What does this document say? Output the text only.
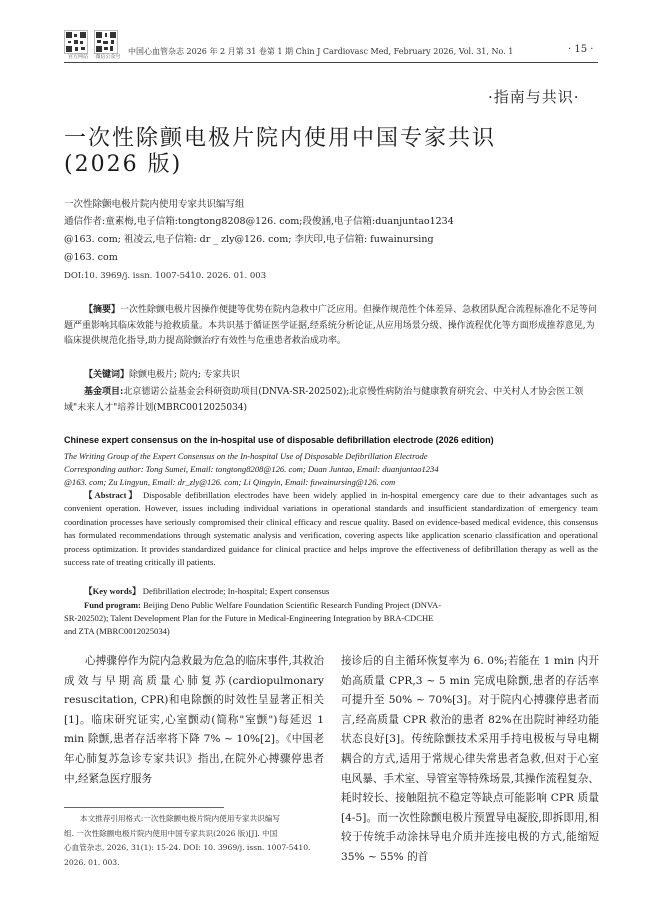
官方网站	微信公众号
中国心血管杂志 2026 年 2 月第 31 卷第 1 期 Chin J Cardiovasc Med, February 2026, Vol. 31, No. 1	· 15 ·
·指南与共识·
一次性除颤电极片院内使用中国专家共识
(2026 版)
一次性除颤电极片院内使用专家共识编写组
通信作者:童素梅,电子信箱:tongtong8208@126. com;段俊涵,电子信箱:duanjuntao1234
@163. com; 祖凌云,电子信箱: dr _ zly@126. com; 李庆印,电子信箱: fuwainursing
@163. com
DOI:10. 3969/j. issn. 1007-5410. 2026. 01. 003
【摘要】一次性除颤电极片因操作便捷等优势在院内急救中广泛应用。但操作规范性个体差异、急救团队配合流程标准化不足等问题严重影响其临床效能与抢救质量。本共识基于循证医学证据,经系统分析论证,从应用场景分级、操作流程优化等方面形成推荐意见,为临床提供规范化指导,助力提高除颤治疗有效性与危重患者救治成功率。
【关键词】除颤电极片; 院内; 专家共识
基金项目:北京德诺公益基金会科研资助项目(DNVA-SR-202502);北京慢性病防治与健康教育研究会、中关村人才协会医工领域"未来人才"培养计划(MBRC0012025034)
Chinese expert consensus on the in-hospital use of disposable defibrillation electrode (2026 edition)
The Writing Group of the Expert Consensus on the In-hospital Use of Disposable Defibrillation Electrode
Corresponding author: Tong Sumei, Email: tongtong8208@126. com; Duan Juntao, Email: duanjuntao1234
@163. com; Zu Lingyun, Email: dr_zly@126. com; Li Qingyin, Email: fuwainursing@126. com
【Abstract】 Disposable defibrillation electrodes have been widely applied in in-hospital emergency care due to their advantages such as convenient operation. However, issues including individual variations in operational standards and insufficient standardization of emergency team coordination processes have seriously compromised their clinical efficacy and rescue quality. Based on evidence-based medical evidence, this consensus has formulated recommendations through systematic analysis and verification, covering aspects like application scenario classification and operational process optimization. It provides standardized guidance for clinical practice and helps improve the effectiveness of defibrillation therapy as well as the success rate of treating critically ill patients.
【Key words】 Defibrillation electrode; In-hospital; Expert consensus
Fund program: Beijing Deno Public Welfare Foundation Scientific Research Funding Project (DNVA-
SR-202502); Talent Development Plan for the Future in Medical-Engineering Integration by BRA-CDCHE
and ZTA (MBRC0012025034)
心搏骤停作为院内急救最为危急的临床事件,其救治成效与早期高质量心肺复苏(cardiopulmonary resuscitation, CPR)和电除颤的时效性呈显著正相关[1]。临床研究证实,心室颤动(简称"室颤")每延迟 1 min 除颤,患者存活率将下降 7% ~ 10%[2]。《中国老年心肺复苏急诊专家共识》指出,在院外心搏骤停患者中,经紧急医疗服务
接诊后的自主循环恢复率为 6. 0%;若能在 1 min 内开始高质量 CPR,3 ~ 5 min 完成电除颤,患者的存活率可提升至 50% ~ 70%[3]。对于院内心搏骤停患者而言,经高质量 CPR 救治的患者 82%在出院时神经功能状态良好[3]。传统除颤技术采用手持电极板与导电糊耦合的方式,适用于常规心律失常患者急救,但对于心室电风暴、手术室、导管室等特殊场景,其操作流程复杂、耗时较长、接触阻抗不稳定等缺点可能影响 CPR 质量[4-5]。而一次性除颤电极片预置导电凝胶,即拆即用,相较于传统手动涂抹导电介质并连接电极的方式,能缩短 35% ~ 55% 的首
本文推荐引用格式:一次性除颤电极片院内使用专家共识编写
组. 一次性除颤电极片院内使用中国专家共识(2026 版)[J]. 中国
心血管杂志, 2026, 31(1): 15-24. DOI: 10. 3969/j. issn. 1007-5410.
2026. 01. 003.
